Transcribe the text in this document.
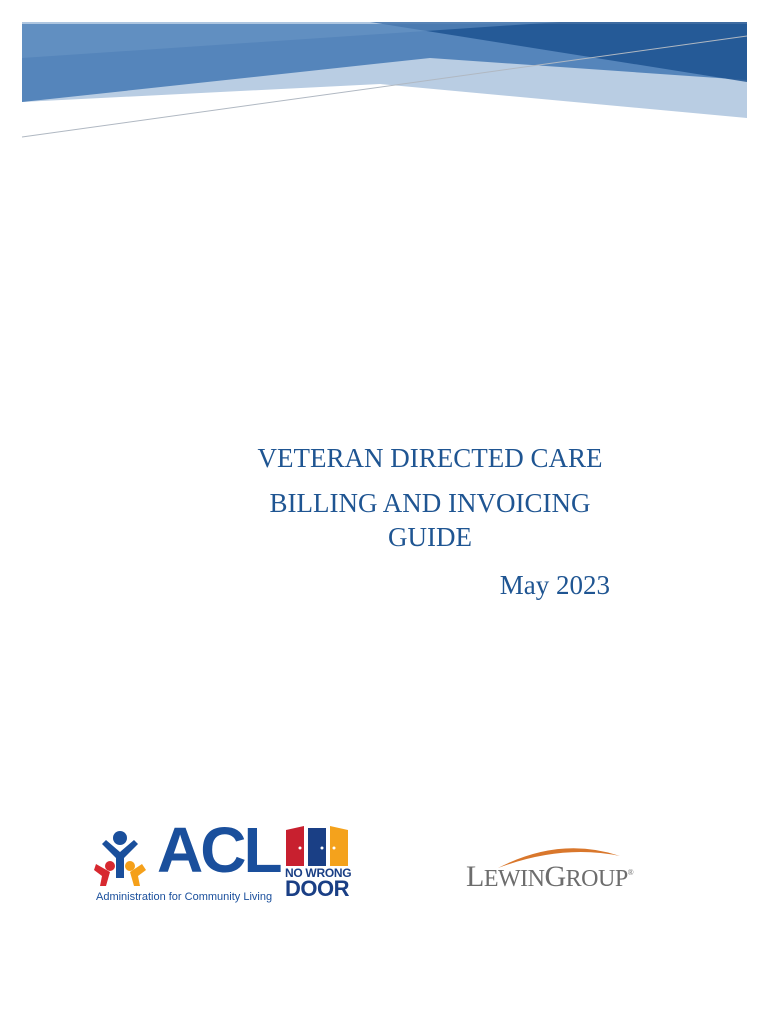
VETERAN DIRECTED CARE

BILLING AND INVOICING

GUIDE

May 2023
ACL
Administration for Community Living
NO WRONG
DOOR	LEWINGROUP®
